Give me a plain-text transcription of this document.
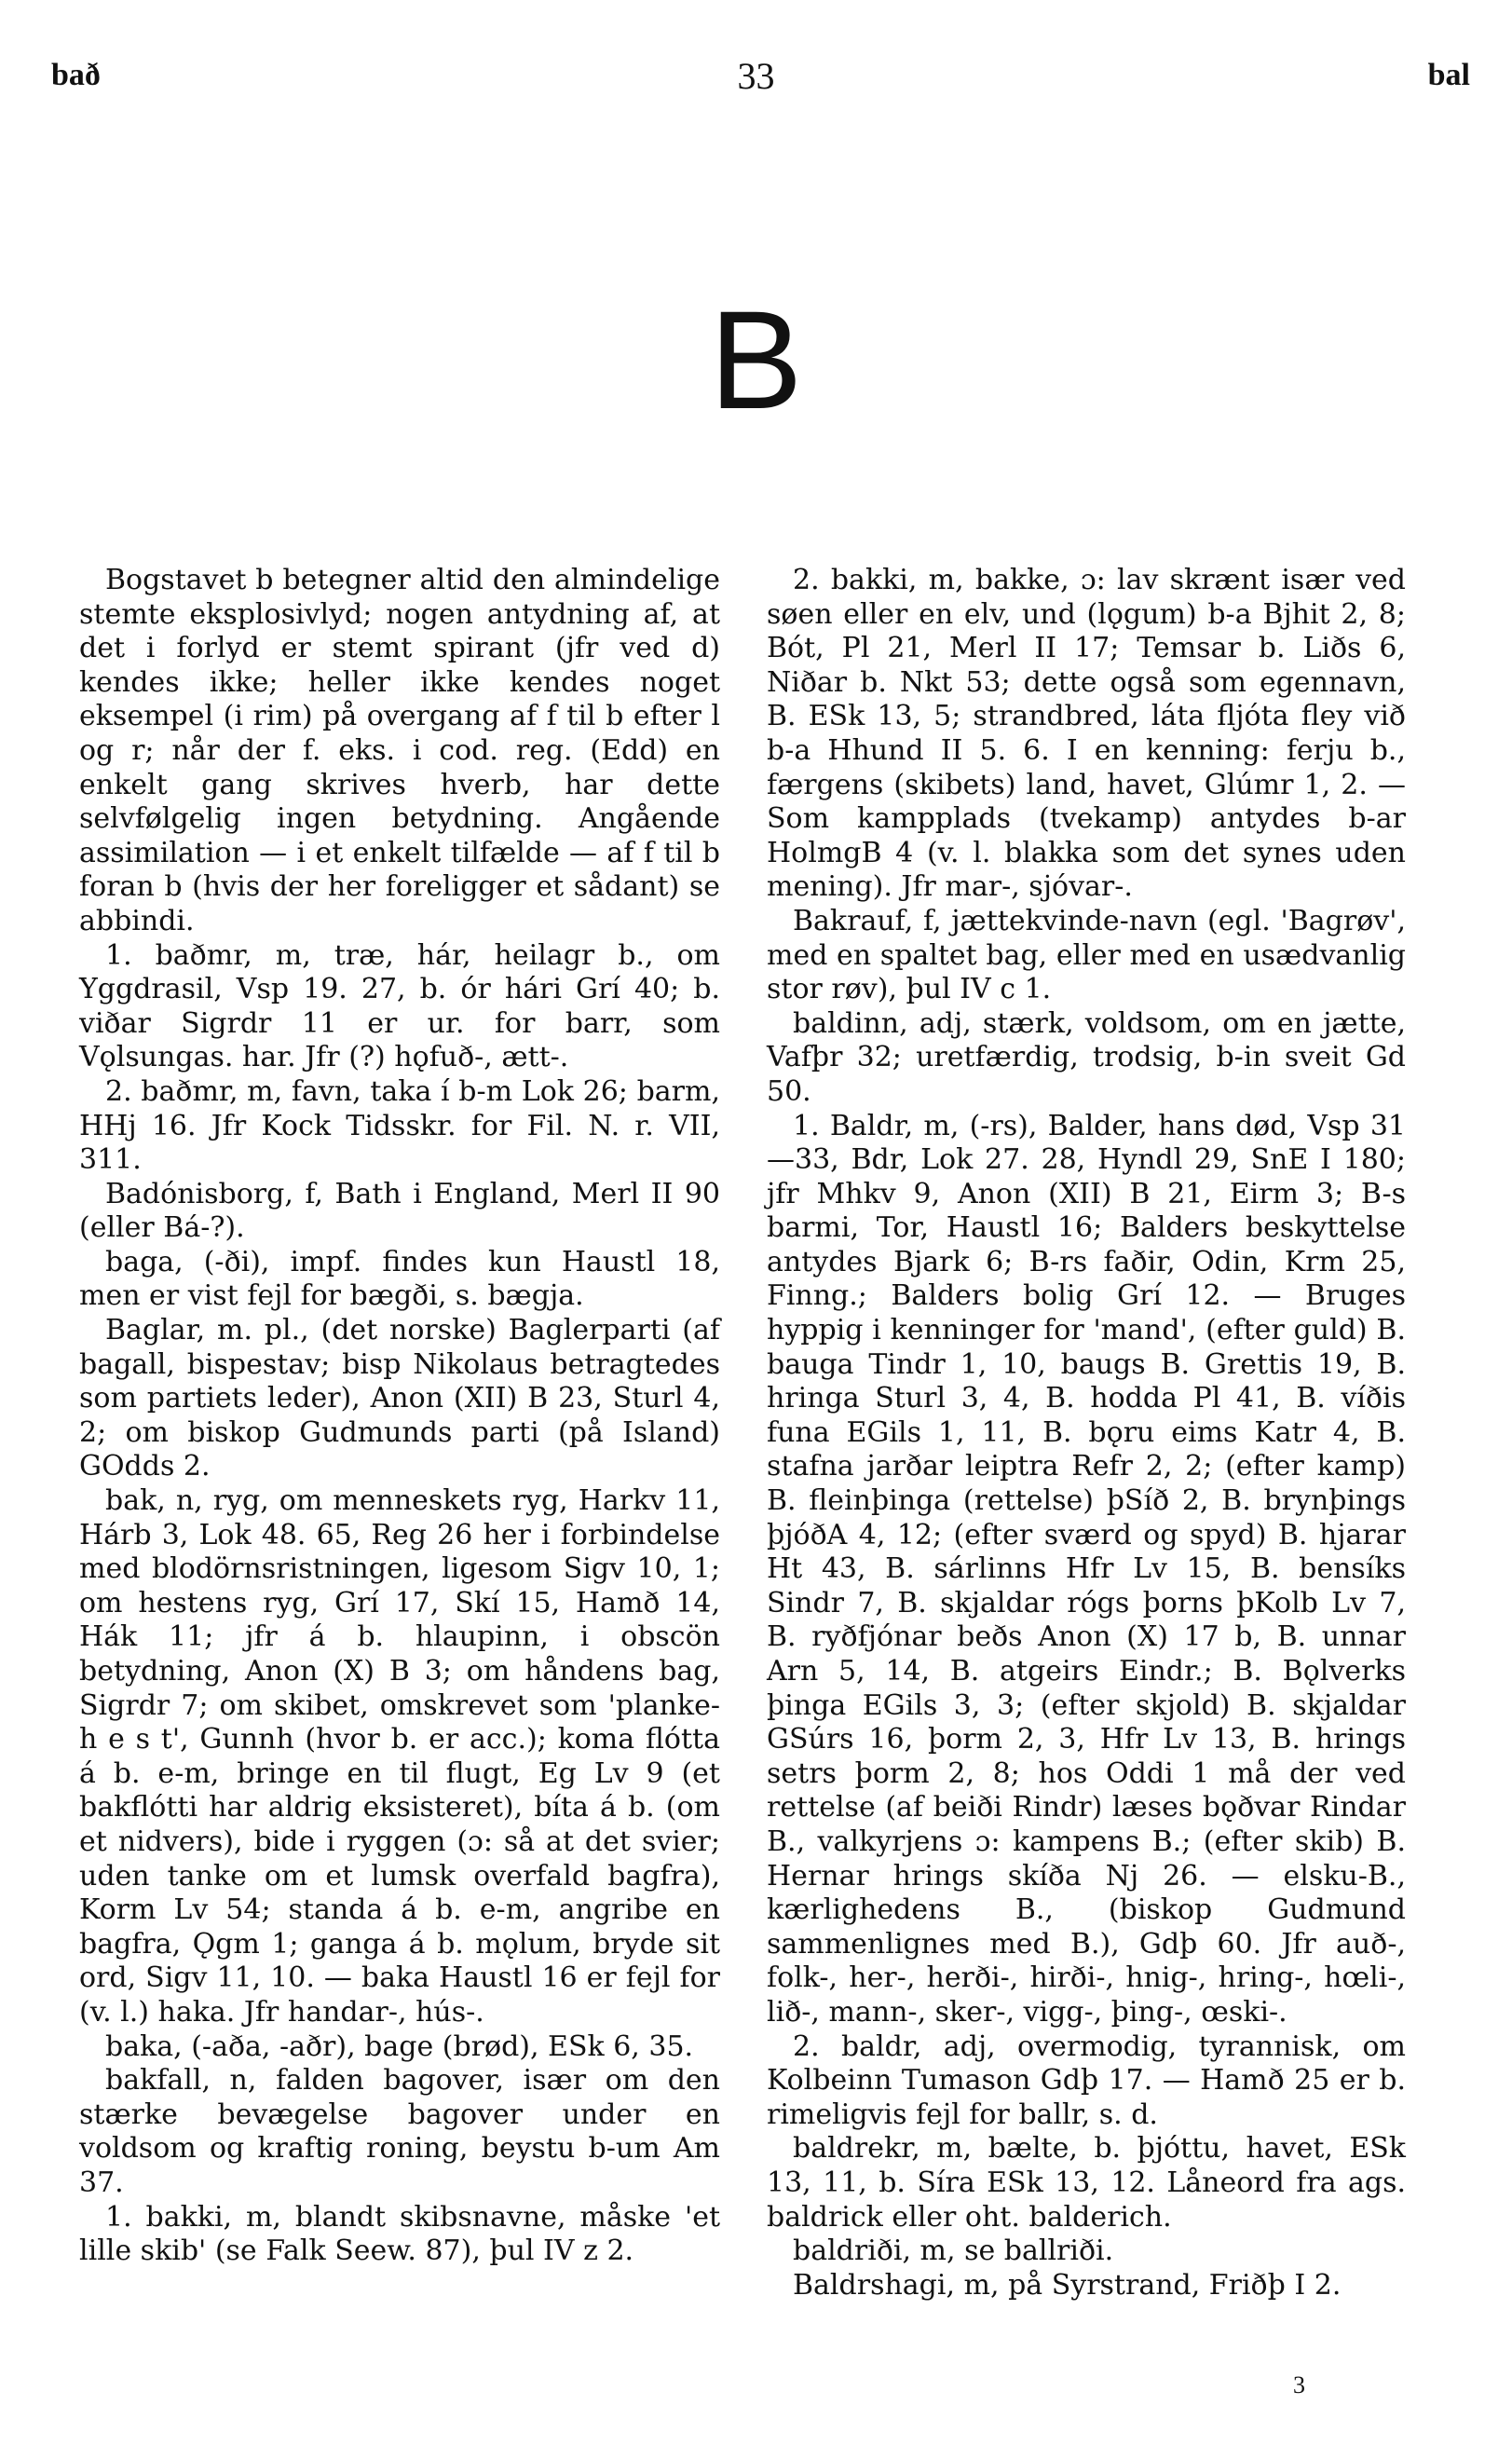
bað	33	bal
B

Bogstavet b betegner altid den almindelige stemte eksplosivlyd; nogen antydning af, at det i forlyd er stemt spirant (jfr ved d) kendes ikke; heller ikke kendes noget eksempel (i rim) på overgang af f til b efter l og r; når der f. eks. i cod. reg. (Edd) en enkelt gang skrives hverb, har dette selvfølgelig ingen betydning. Angående assimilation — i et enkelt tilfælde — af f til b foran b (hvis der her foreligger et sådant) se abbindi.

1. baðmr, m, træ, hár, heilagr b., om Yggdrasil, Vsp 19. 27, b. ór hári Grí 40; b. viðar Sigrdr 11 er ur. for barr, som Vǫlsungas. har. Jfr (?) hǫfuð-, ætt-.

2. baðmr, m, favn, taka í b-m Lok 26; barm, HHj 16. Jfr Kock Tidsskr. for Fil. N. r. VII, 311.

Badónisborg, f, Bath i England, Merl II 90 (eller Bá-?).

baga, (-ði), impf. findes kun Haustl 18, men er vist fejl for bægði, s. bægja.

Baglar, m. pl., (det norske) Baglerparti (af bagall, bispestav; bisp Nikolaus betragtedes som partiets leder), Anon (XII) B 23, Sturl 4, 2; om biskop Gudmunds parti (på Island) GOdds 2.

bak, n, ryg, om menneskets ryg, Harkv 11, Hárb 3, Lok 48. 65, Reg 26 her i forbindelse med blodörnsristningen, ligesom Sigv 10, 1; om hestens ryg, Grí 17, Skí 15, Hamð 14, Hák 11; jfr á b. hlaupinn, i obscön betydning, Anon (X) B 3; om håndens bag, Sigrdr 7; om skibet, omskrevet som 'planke-h e s t', Gunnh (hvor b. er acc.); koma flótta á b. e-m, bringe en til flugt, Eg Lv 9 (et bakflótti har aldrig eksisteret), bíta á b. (om et nidvers), bide i ryggen (ɔ: så at det svier; uden tanke om et lumsk overfald bagfra), Korm Lv 54; standa á b. e-m, angribe en bagfra, Ǫgm 1; ganga á b. mǫlum, bryde sit ord, Sigv 11, 10. — baka Haustl 16 er fejl for (v. l.) haka. Jfr handar-, hús-.

baka, (-aða, -aðr), bage (brød), ESk 6, 35.

bakfall, n, falden bagover, især om den stærke bevægelse bagover under en voldsom og kraftig roning, beystu b-um Am 37.

1. bakki, m, blandt skibsnavne, måske 'et lille skib' (se Falk Seew. 87), þul IV z 2.

2. bakki, m, bakke, ɔ: lav skrænt især ved søen eller en elv, und (lǫgum) b-a Bjhit 2, 8; Bót, Pl 21, Merl II 17; Temsar b. Liðs 6, Niðar b. Nkt 53; dette også som egennavn, B. ESk 13, 5; strandbred, láta fljóta fley við b-a Hhund II 5. 6. I en kenning: ferju b., færgens (skibets) land, havet, Glúmr 1, 2. — Som kampplads (tvekamp) antydes b-ar HolmgB 4 (v. l. blakka som det synes uden mening). Jfr mar-, sjóvar-.

Bakrauf, f, jættekvinde-navn (egl. 'Bagrøv', med en spaltet bag, eller med en usædvanlig stor røv), þul IV c 1.

baldinn, adj, stærk, voldsom, om en jætte, Vafþr 32; uretfærdig, trodsig, b-in sveit Gd 50.

1. Baldr, m, (-rs), Balder, hans død, Vsp 31—33, Bdr, Lok 27. 28, Hyndl 29, SnE I 180; jfr Mhkv 9, Anon (XII) B 21, Eirm 3; B-s barmi, Tor, Haustl 16; Balders beskyttelse antydes Bjark 6; B-rs faðir, Odin, Krm 25, Finng.; Balders bolig Grí 12. — Bruges hyppig i kenninger for 'mand', (efter guld) B. bauga Tindr 1, 10, baugs B. Grettis 19, B. hringa Sturl 3, 4, B. hodda Pl 41, B. víðis funa EGils 1, 11, B. bǫru eims Katr 4, B. stafna jarðar leiptra Refr 2, 2; (efter kamp) B. fleinþinga (rettelse) þSíð 2, B. brynþings þjóðA 4, 12; (efter sværd og spyd) B. hjarar Ht 43, B. sárlinns Hfr Lv 15, B. bensíks Sindr 7, B. skjaldar rógs þorns þKolb Lv 7, B. ryðfjónar beðs Anon (X) 17 b, B. unnar Arn 5, 14, B. atgeirs Eindr.; B. Bǫlverks þinga EGils 3, 3; (efter skjold) B. skjaldar GSúrs 16, þorm 2, 3, Hfr Lv 13, B. hrings setrs þorm 2, 8; hos Oddi 1 må der ved rettelse (af beiði Rindr) læses bǫðvar Rindar B., valkyrjens ɔ: kampens B.; (efter skib) B. Hernar hrings skíða Nj 26. — elsku-B., kærlighedens B., (biskop Gudmund sammenlignes med B.), Gdþ 60. Jfr auð-, folk-, her-, herði-, hirði-, hnig-, hring-, hœli-, lið-, mann-, sker-, vigg-, þing-, œski-.

2. baldr, adj, overmodig, tyrannisk, om Kolbeinn Tumason Gdþ 17. — Hamð 25 er b. rimeligvis fejl for ballr, s. d.

baldrekr, m, bælte, b. þjóttu, havet, ESk 13, 11, b. Síra ESk 13, 12. Låneord fra ags. baldrick eller oht. balderich.

baldriði, m, se ballriði.

Baldrshagi, m, på Syrstrand, Friðþ I 2.

3
